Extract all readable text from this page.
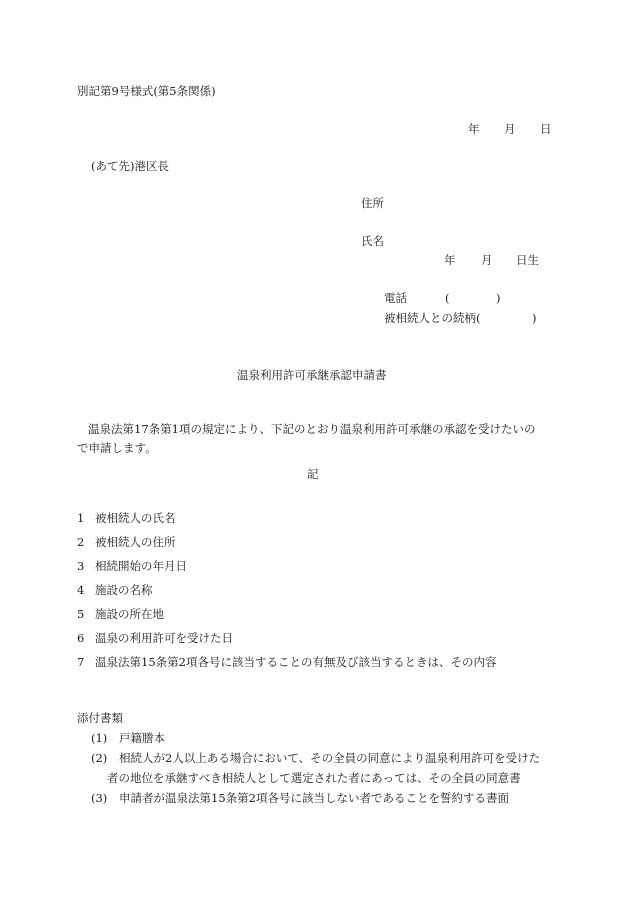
別記第9号様式(第5条関係)
年 月 日
(あて先)港区長
住所
氏名
年 月 日生
電話	(	)
被相続人との続柄(	)
温泉利用許可承継承認申請書
温泉法第17条第1項の規定により、下記のとおり温泉利用許可承継の承認を受けたいの
で申請します。
記
1 被相続人の氏名
2 被相続人の住所
3 相続開始の年月日
4 施設の名称
5 施設の所在地
6 温泉の利用許可を受けた日
7 温泉法第15条第2項各号に該当することの有無及び該当するときは、その内容
添付書類
(1) 戸籍謄本
(2) 相続人が2人以上ある場合において、その全員の同意により温泉利用許可を受けた
者の地位を承継すべき相続人として選定された者にあっては、その全員の同意書
(3) 申請者が温泉法第15条第2項各号に該当しない者であることを誓約する書面
